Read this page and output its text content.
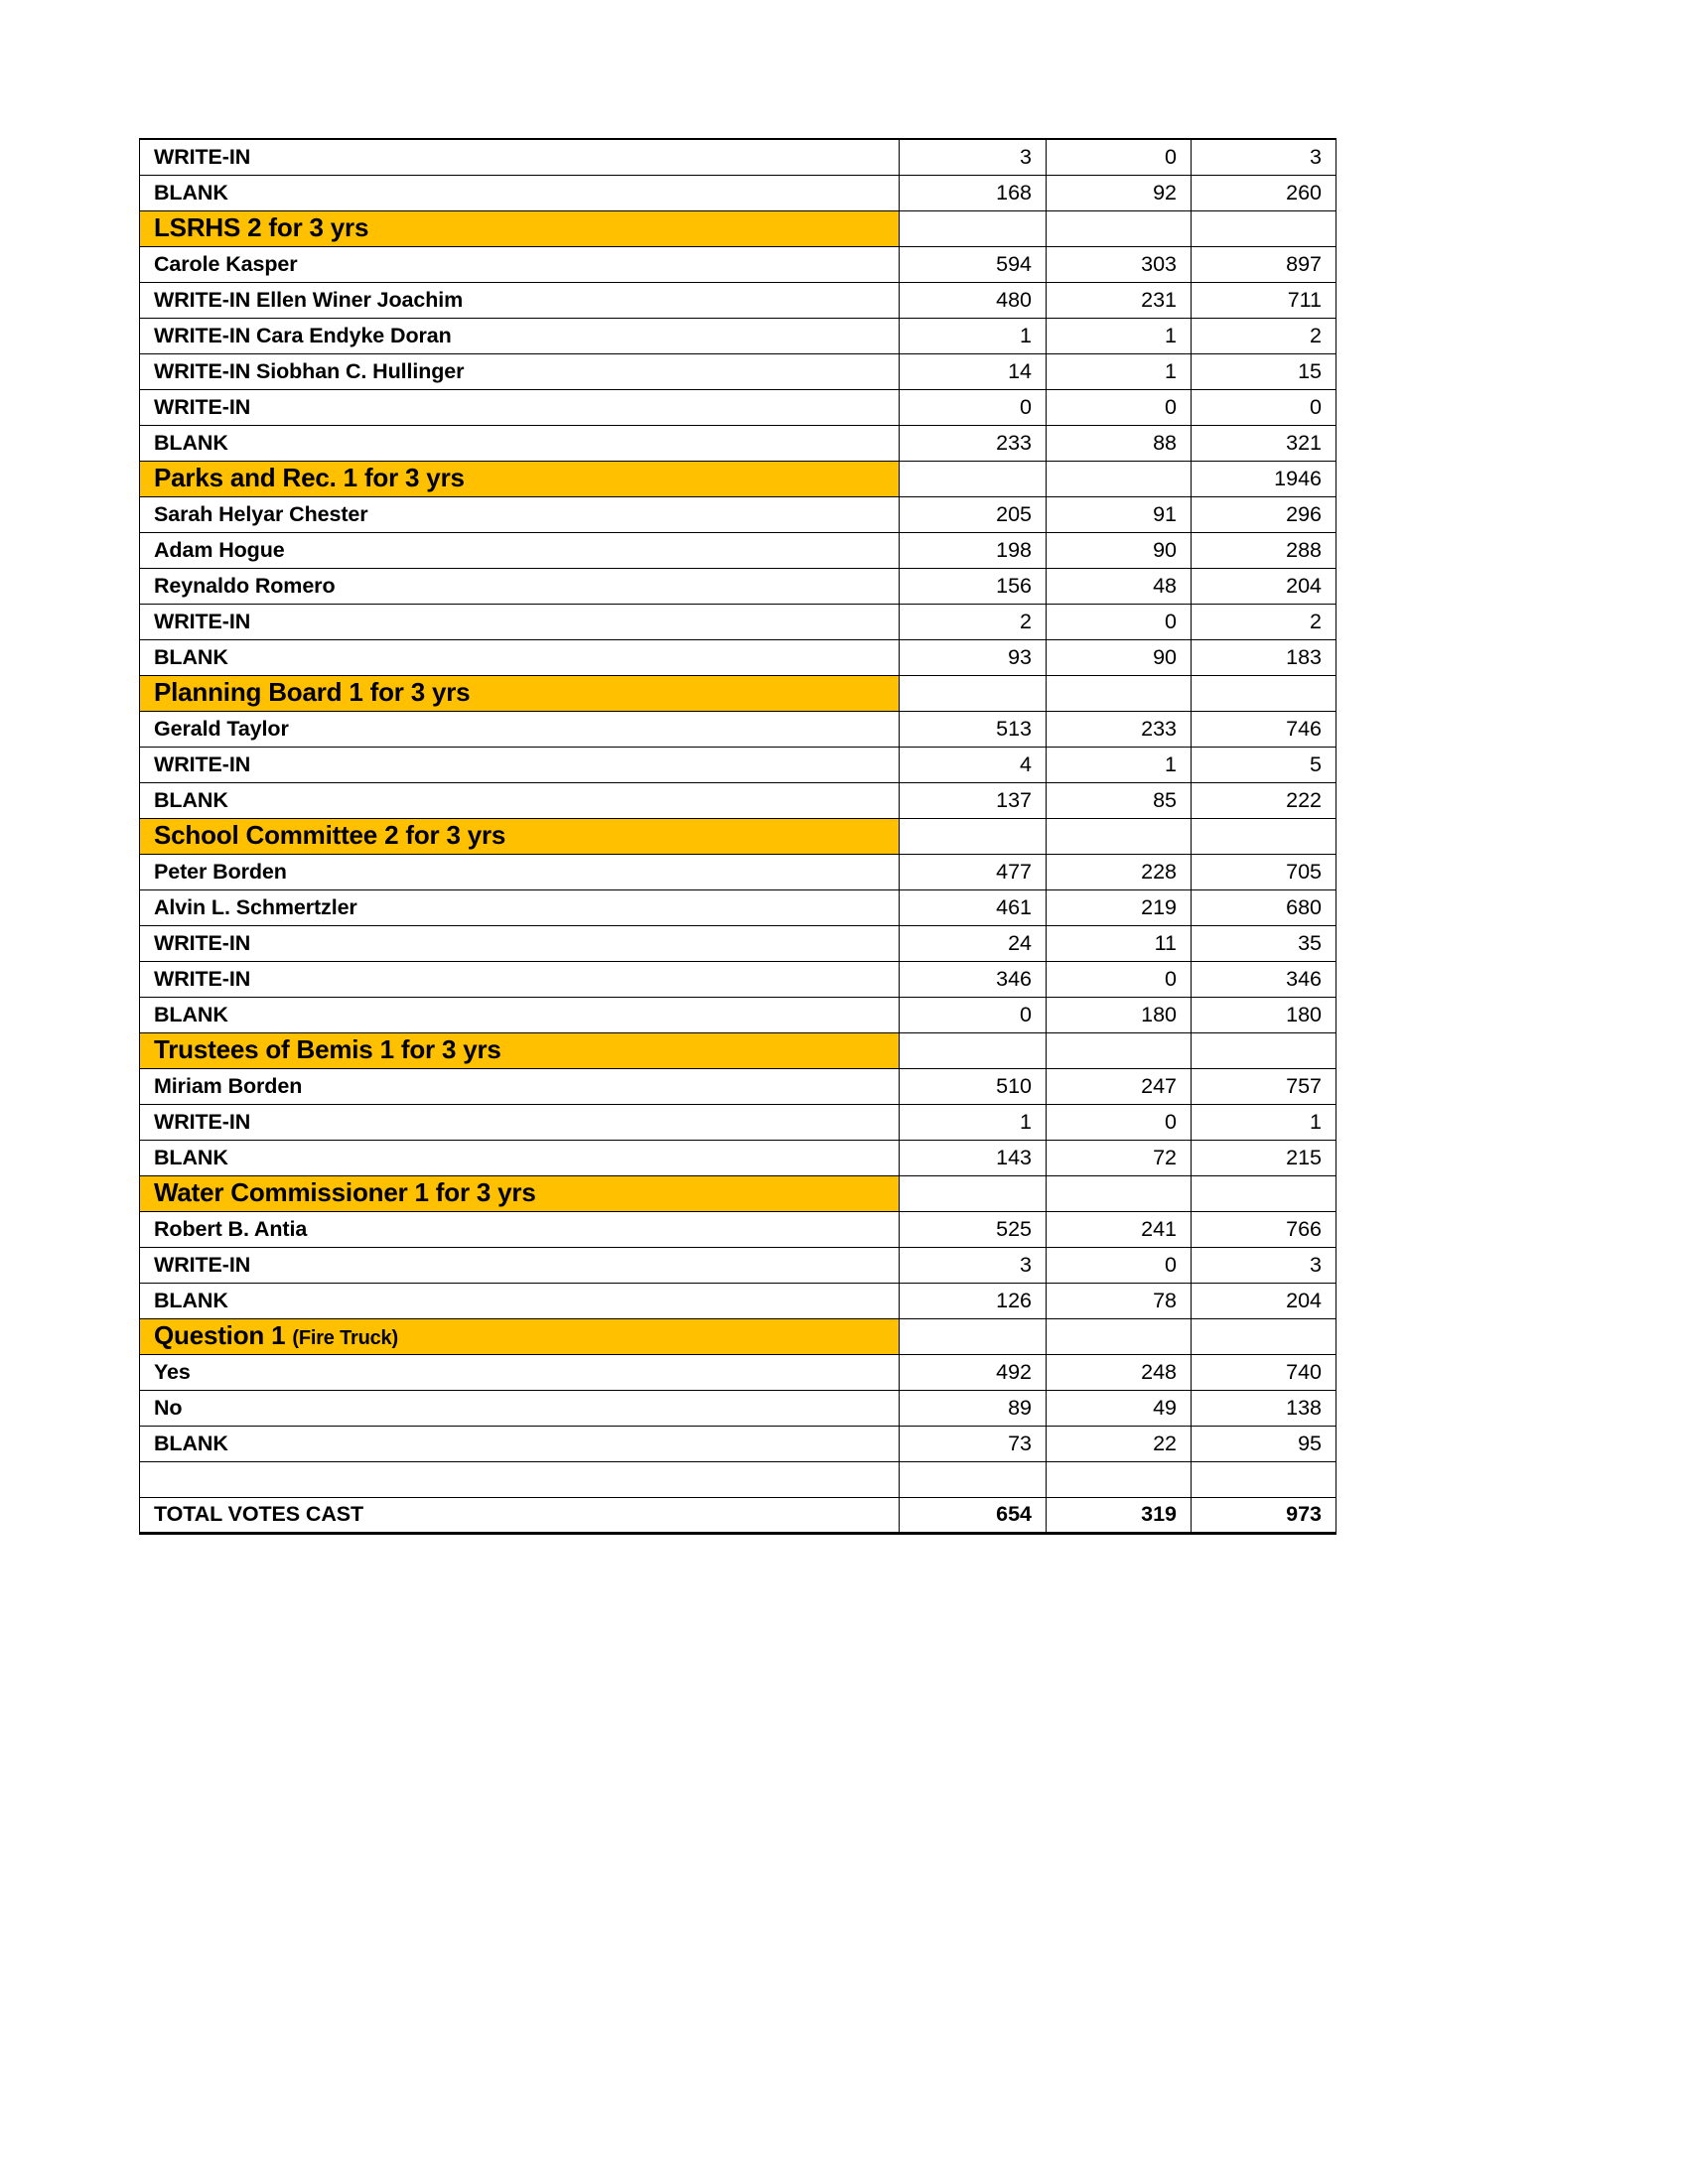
WRITE-IN	3	0	3
BLANK	168	92	260
LSRHS 2 for 3 yrs			
Carole Kasper	594	303	897
WRITE-IN Ellen Winer Joachim	480	231	711
WRITE-IN Cara Endyke Doran	1	1	2
WRITE-IN Siobhan C. Hullinger	14	1	15
WRITE-IN	0	0	0
BLANK	233	88	321
Parks and Rec. 1 for 3 yrs			1946
Sarah Helyar Chester	205	91	296
Adam Hogue	198	90	288
Reynaldo Romero	156	48	204
WRITE-IN	2	0	2
BLANK	93	90	183
Planning Board 1 for 3 yrs			
Gerald Taylor	513	233	746
WRITE-IN	4	1	5
BLANK	137	85	222
School Committee 2 for 3 yrs			
Peter Borden	477	228	705
Alvin L. Schmertzler	461	219	680
WRITE-IN	24	11	35
WRITE-IN	346	0	346
BLANK	0	180	180
Trustees of Bemis 1 for 3 yrs			
Miriam Borden	510	247	757
WRITE-IN	1	0	1
BLANK	143	72	215
Water Commissioner 1 for 3 yrs			
Robert B. Antia	525	241	766
WRITE-IN	3	0	3
BLANK	126	78	204
Question 1 (Fire Truck)			
Yes	492	248	740
No	89	49	138
BLANK	73	22	95

TOTAL VOTES CAST	654	319	973
